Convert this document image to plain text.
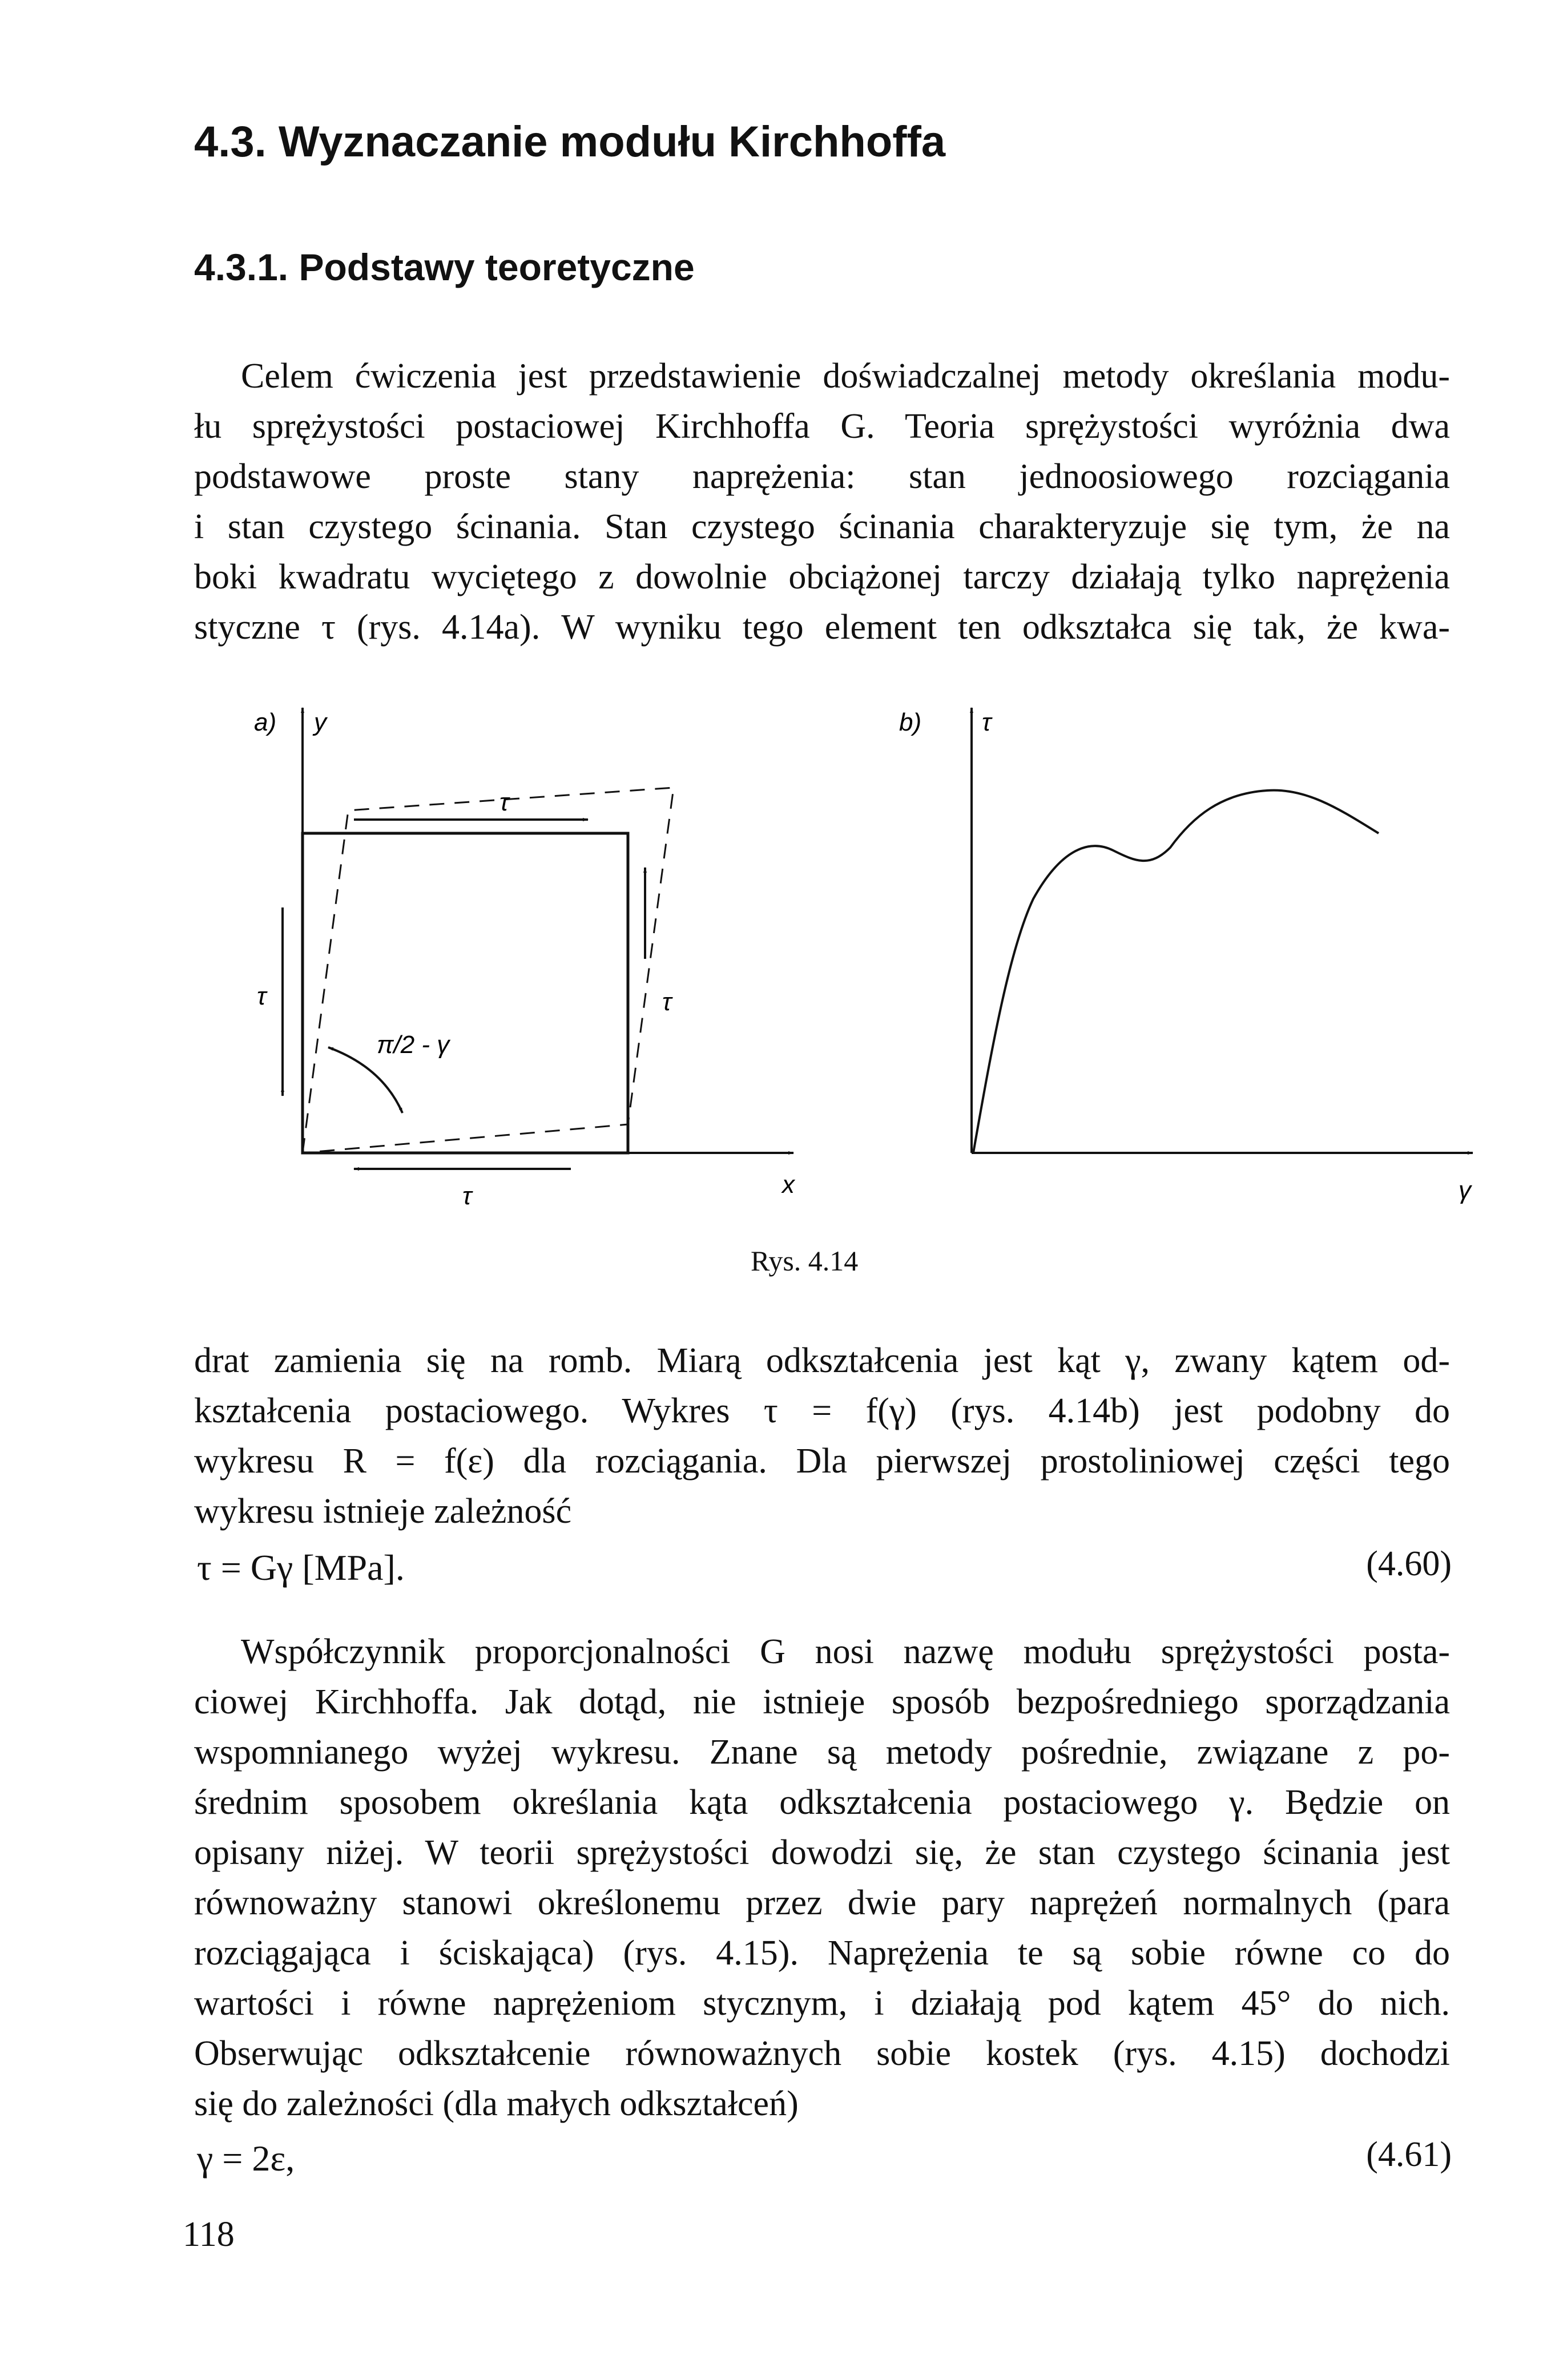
4.3. Wyznaczanie modułu Kirchhoffa
4.3.1. Podstawy teoretyczne

Celem ćwiczenia jest przedstawienie doświadczalnej metody określania modu-
łu sprężystości postaciowej Kirchhoffa G. Teoria sprężystości wyróżnia dwa
podstawowe proste stany naprężenia: stan jednoosiowego rozciągania
i stan czystego ścinania. Stan czystego ścinania charakteryzuje się tym, że na
boki kwadratu wyciętego z dowolnie obciążonej tarczy działają tylko naprężenia
styczne τ (rys. 4.14a). W wyniku tego element ten odkształca się tak, że kwa-

a) y
x
τ
τ
τ
τ
π/2 - γ
b) τ
γ
Rys. 4.14

drat zamienia się na romb. Miarą odkształcenia jest kąt γ, zwany kątem od-
kształcenia postaciowego. Wykres τ = f(γ) (rys. 4.14b) jest podobny do
wykresu R = f(ε) dla rozciągania. Dla pierwszej prostoliniowej części tego
wykresu istnieje zależność

τ = Gγ [MPa].	(4.60)

Współczynnik proporcjonalności G nosi nazwę modułu sprężystości posta-
ciowej Kirchhoffa. Jak dotąd, nie istnieje sposób bezpośredniego sporządzania
wspomnianego wyżej wykresu. Znane są metody pośrednie, związane z po-
średnim sposobem określania kąta odkształcenia postaciowego γ. Będzie on
opisany niżej. W teorii sprężystości dowodzi się, że stan czystego ścinania jest
równoważny stanowi określonemu przez dwie pary naprężeń normalnych (para
rozciągająca i ściskająca) (rys. 4.15). Naprężenia te są sobie równe co do
wartości i równe naprężeniom stycznym, i działają pod kątem 45° do nich.
Obserwując odkształcenie równoważnych sobie kostek (rys. 4.15) dochodzi
się do zależności (dla małych odkształceń)

γ = 2ε,	(4.61)
118
